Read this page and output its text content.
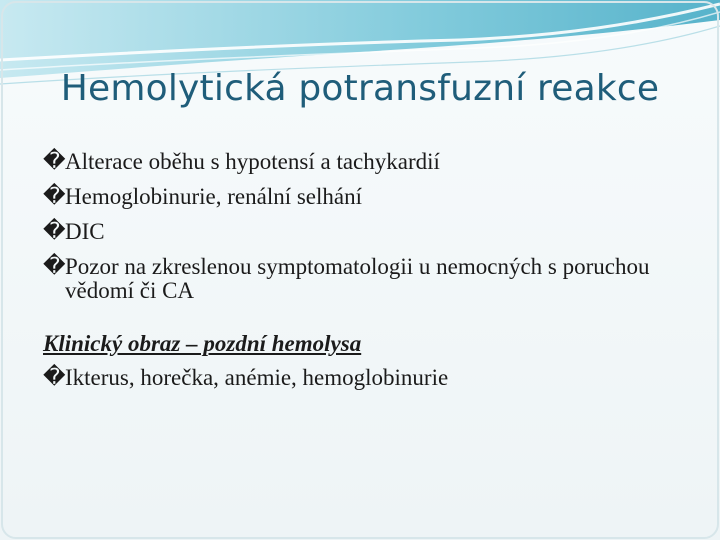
Hemolytická potransfuzní reakce
� Alterace oběhu s hypotensí a tachykardií
� Hemoglobinurie, renální selhání
� DIC
� Pozor na zkreslenou symptomatologii u nemocných s poruchou vědomí či CA
Klinický obraz – pozdní hemolysa
� Ikterus, horečka, anémie, hemoglobinurie
